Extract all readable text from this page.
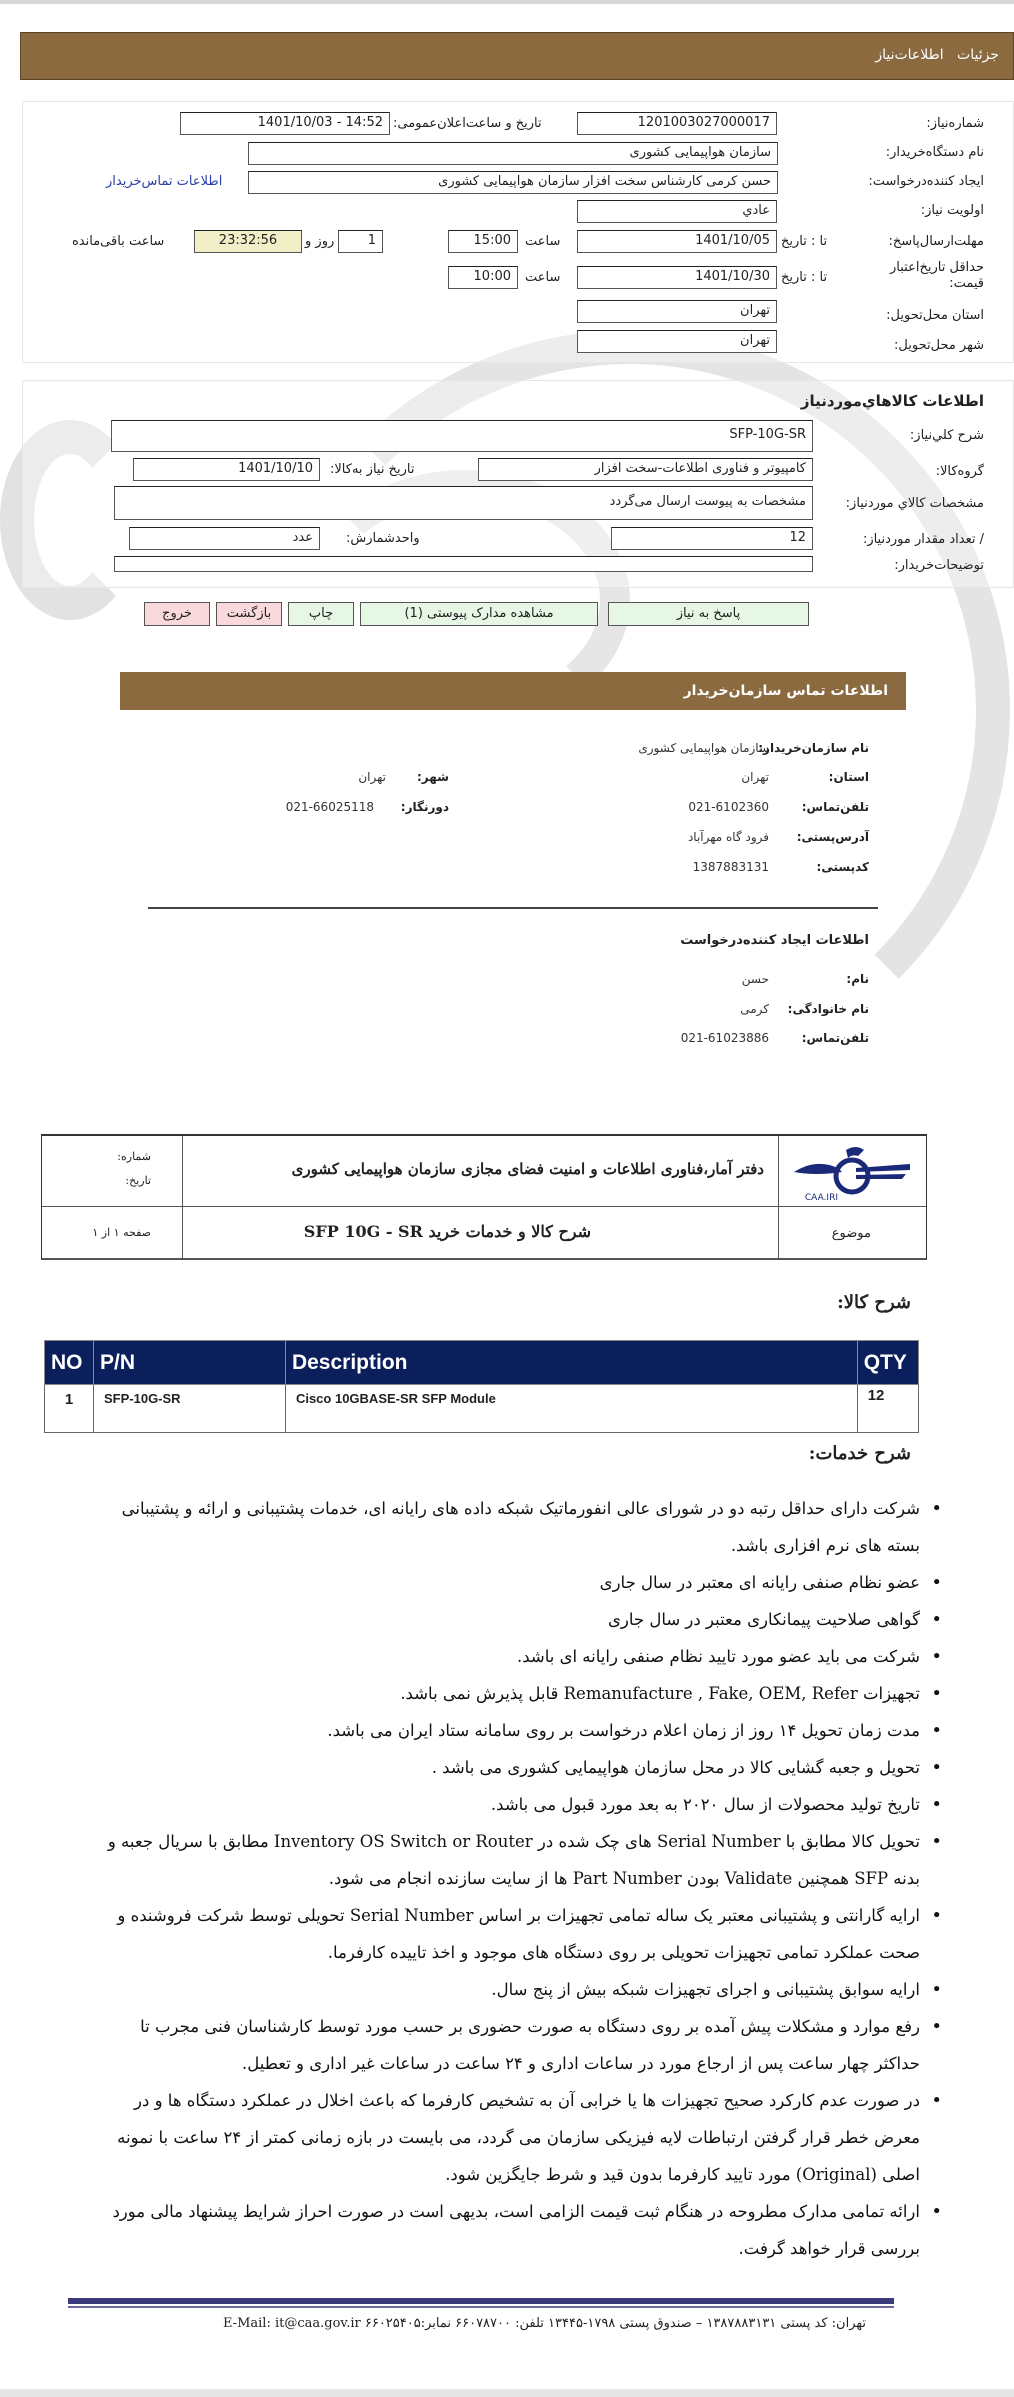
جزئیات   اطلاعات‌نیاز
شماره‌نیاز:
1201003027000017
تاریخ و ساعت‌اعلان‌عمومی:
1401/10/03 - 14:52
نام دستگاه‌خریدار:
سازمان هواپیمایی کشوری
ایجاد کننده‌درخواست:
حسن کرمی کارشناس سخت افزار سازمان هواپیمایی کشوری
اطلاعات تماس‌خریدار
اولویت‌ نیاز:
عادي
مهلت‌ارسال‌پاسخ:
تا : تاریخ
1401/10/05
ساعت
15:00
1
روز و
23:32:56
ساعت باقی‌مانده
حداقل تاریخ‌اعتبار
قیمت:
تا : تاریخ
1401/10/30
ساعت
10:00
استان محل‌تحویل:
تهران
شهر محل‌تحویل:
تهران
اطلاعات کالاهاي‌مورد‌نیاز
شرح کلي‌نیاز:
SFP-10G-SR
گروه‌کالا:
کامپیوتر و فناوری اطلاعات-سخت افزار
تاریخ نیاز به‌کالا:
1401/10/10
مشخصات کالاي مورد‌نیاز:
مشخصات به پیوست ارسال می‌گردد
/ تعداد مقدار مورد‌نیاز:
12
واحد‌شمارش:
عدد
توضیحات‌خریدار:
پاسخ به نیاز
مشاهده مدارک پیوستی (1)
چاپ
بازگشت
خروج
اطلاعات تماس سازمان‌خریدار
نام سازمان‌خریدار:
سازمان هواپیمایی کشوری
استان:
تهران
شهر:
تهران
تلفن‌تماس:
021-6102360
دورنگار:
021-66025118
آدرس‌پستی:
فرود گاه مهرآباد
کد‌پستی:
1387883131
اطلاعات ایجاد کننده‌درخواست
نام:
حسن
نام خانوادگی:
کرمی
تلفن‌تماس:
021-61023886
CAA.IRI
دفتر آمار،فناوری اطلاعات و امنیت فضای مجازی سازمان هواپیمایی کشوری
شماره:
تاریخ:
موضوع
شرح کالا و خدمات خرید SFP 10G - SR
صفحه ۱ از ۱
شرح کالا:
NO	P/N	Description	QTY
1	SFP-10G-SR	Cisco 10GBASE-SR SFP Module	12
شرح خدمات:
• شرکت دارای حداقل رتبه دو در شورای عالی انفورماتیک شبکه داده های رایانه ای، خدمات پشتیبانی و ارائه و پشتیبانی بسته های نرم افزاری باشد.
• عضو نظام صنفی رایانه ای معتبر در سال جاری
• گواهی صلاحیت پیمانکاری معتبر در سال جاری
• شرکت می باید عضو مورد تایید نظام صنفی رایانه ای باشد.
• تجهیزات Remanufacture , Fake, OEM, Refer قابل پذیرش نمی باشد.
• مدت زمان تحویل ۱۴ روز از زمان اعلام درخواست بر روی سامانه ستاد ایران می باشد.
• تحویل و جعبه گشایی کالا در محل سازمان هواپیمایی کشوری می باشد .
• تاریخ تولید محصولات از سال ۲۰۲۰ به بعد مورد قبول می باشد.
• تحویل کالا مطابق با Serial Number های چک شده در Inventory OS Switch or Router مطابق با سریال جعبه و بدنه SFP همچنین Validate بودن Part Number ها از سایت سازنده انجام می شود.
• ارایه گارانتی و پشتیبانی معتبر یک ساله تمامی تجهیزات بر اساس Serial Number تحویلی توسط شرکت فروشنده و صحت عملکرد تمامی تجهیزات تحویلی بر روی دستگاه های موجود و اخذ تاییده کارفرما.
• ارایه سوابق پشتیبانی و اجرای تجهیزات شبکه بیش از پنج سال.
• رفع موارد و مشکلات پیش آمده بر روی دستگاه به صورت حضوری بر حسب مورد توسط کارشناسان فنی مجرب تا حداکثر چهار ساعت پس از ارجاع مورد در ساعات اداری و ۲۴ ساعت در ساعات غیر اداری و تعطیل.
• در صورت عدم کارکرد صحیح تجهیزات ها یا خرابی آن به تشخیص کارفرما که باعث اخلال در عملکرد دستگاه ها و در معرض خطر قرار گرفتن ارتباطات لایه فیزیکی سازمان می گردد، می بایست در بازه زمانی کمتر از ۲۴ ساعت با نمونه اصلی (Original) مورد تایید کارفرما بدون قید و شرط جایگزین شود.
• ارائه تمامی مدارک مطروحه در هنگام ثبت قیمت الزامی است، بدیهی است در صورت احراز شرایط پیشنهاد مالی مورد بررسی قرار خواهد گرفت.
تهران: کد پستی ۱۳۸۷۸۸۳۱۳۱ – صندوق پستی ۱۷۹۸-۱۳۴۴۵ تلفن: ۶۶۰۷۸۷۰۰ نمابر:۶۶۰۲۵۴۰۵ E-Mail: it@caa.gov.ir
